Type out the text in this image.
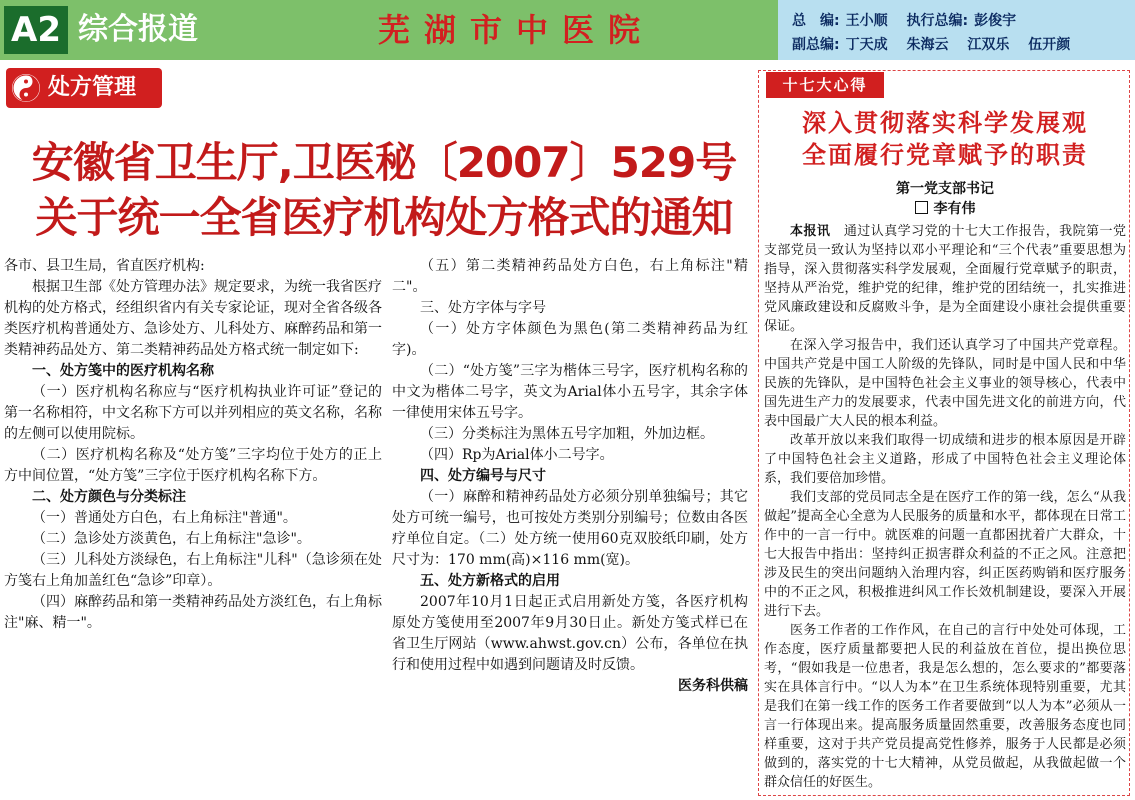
A2 综合报道	芜湖市中医院	总　编: 王小顺 执行总编: 彭俊宇
副总编: 丁天成 朱海云 江双乐 伍开颜
处方管理
安徽省卫生厅,卫医秘〔2007〕529号
关于统一全省医疗机构处方格式的通知

各市、县卫生局，省直医疗机构:

根据卫生部《处方管理办法》规定要求，为统一我省医疗机构的处方格式，经组织省内有关专家论证，现对全省各级各类医疗机构普通处方、急诊处方、儿科处方、麻醉药品和第一类精神药品处方、第二类精神药品处方格式统一制定如下:

一、处方笺中的医疗机构名称

（一）医疗机构名称应与“医疗机构执业许可证”登记的第一名称相符，中文名称下方可以并列相应的英文名称，名称的左侧可以使用院标。

（二）医疗机构名称及“处方笺”三字均位于处方的正上方中间位置，“处方笺”三字位于医疗机构名称下方。

二、处方颜色与分类标注

（一）普通处方白色，右上角标注"普通"。

（二）急诊处方淡黄色，右上角标注"急诊"。

（三）儿科处方淡绿色，右上角标注"儿科"（急诊须在处方笺右上角加盖红色“急诊”印章）。

（四）麻醉药品和第一类精神药品处方淡红色，右上角标注"麻、精一"。

（五）第二类精神药品处方白色，右上角标注"精二"。

三、处方字体与字号

（一）处方字体颜色为黑色(第二类精神药品为红字)。

（二）“处方笺”三字为楷体三号字，医疗机构名称的中文为楷体二号字，英文为Arial体小五号字，其余字体一律使用宋体五号字。

（三）分类标注为黑体五号字加粗，外加边框。

（四）Rp为Arial体小二号字。

四、处方编号与尺寸

（一）麻醉和精神药品处方必须分别单独编号；其它处方可统一编号，也可按处方类别分别编号；位数由各医疗单位自定。（二）处方统一使用60克双胶纸印刷，处方尺寸为：170 mm(高)×116 mm(宽)。

五、处方新格式的启用

2007年10月1日起正式启用新处方笺，各医疗机构原处方笺使用至2007年9月30日止。新处方笺式样已在省卫生厅网站（www.ahwst.gov.cn）公布，各单位在执行和使用过程中如遇到问题请及时反馈。

医务科供稿

十七大心得
深入贯彻落实科学发展观
全面履行党章赋予的职责
第一党支部书记
李有伟

本报讯　 通过认真学习党的十七大工作报告，我院第一党支部党员一致认为坚持以邓小平理论和“三个代表”重要思想为指导，深入贯彻落实科学发展观，全面履行党章赋予的职责，坚持从严治党，维护党的纪律，维护党的团结统一，扎实推进党风廉政建设和反腐败斗争，是为全面建设小康社会提供重要保证。

在深入学习报告中，我们还认真学习了中国共产党章程。中国共产党是中国工人阶级的先锋队，同时是中国人民和中华民族的先锋队，是中国特色社会主义事业的领导核心，代表中国先进生产力的发展要求，代表中国先进文化的前进方向，代表中国最广大人民的根本利益。

改革开放以来我们取得一切成绩和进步的根本原因是开辟了中国特色社会主义道路，形成了中国特色社会主义理论体系，我们要倍加珍惜。

我们支部的党员同志全是在医疗工作的第一线，怎么“从我做起”提高全心全意为人民服务的质量和水平，都体现在日常工作中的一言一行中。就医难的问题一直都困扰着广大群众，十七大报告中指出：坚持纠正损害群众利益的不正之风。注意把涉及民生的突出问题纳入治理内容，纠正医药购销和医疗服务中的不正之风，积极推进纠风工作长效机制建设，要深入开展进行下去。

医务工作者的工作作风，在自己的言行中处处可体现，工作态度，医疗质量都要把人民的利益放在首位，提出换位思考，“假如我是一位患者，我是怎么想的，怎么要求的”都要落实在具体言行中。“以人为本”在卫生系统体现特别重要，尤其是我们在第一线工作的医务工作者要做到“以人为本”必须从一言一行体现出来。提高服务质量固然重要，改善服务态度也同样重要，这对于共产党员提高党性修养，服务于人民都是必须做到的，落实党的十七大精神，从党员做起，从我做起做一个群众信任的好医生。
